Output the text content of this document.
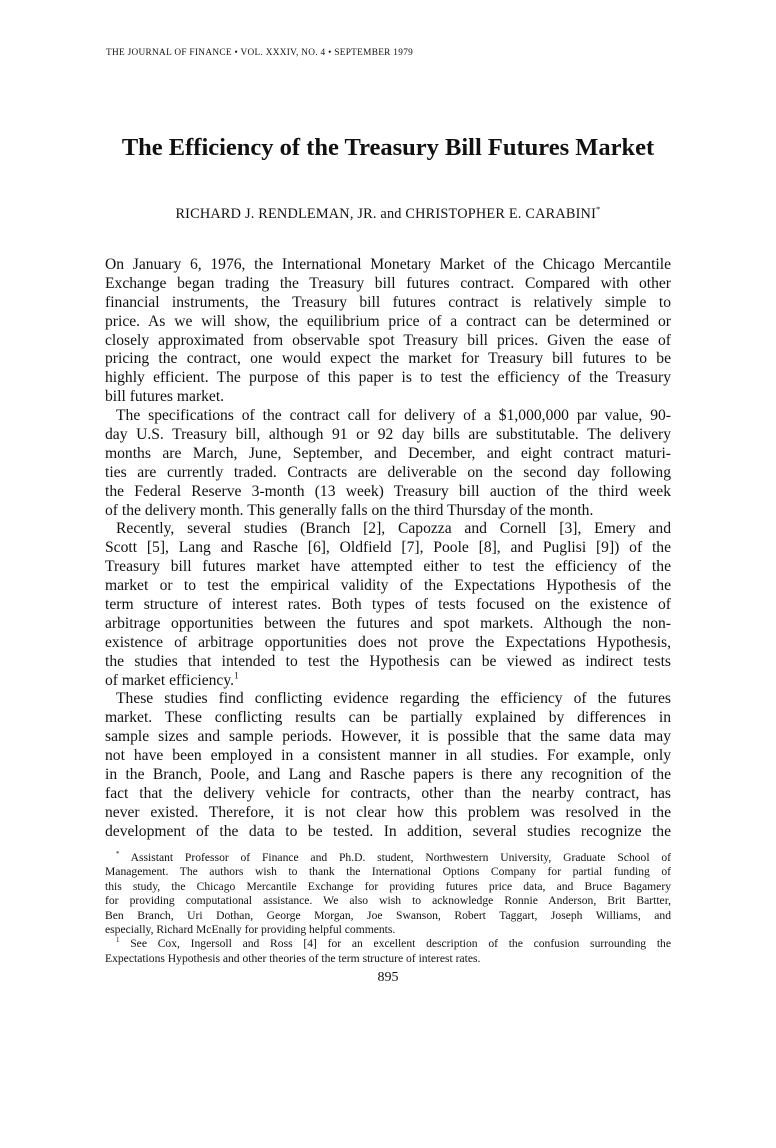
THE JOURNAL OF FINANCE • VOL. XXXIV, NO. 4 • SEPTEMBER 1979
The Efficiency of the Treasury Bill Futures Market
RICHARD J. RENDLEMAN, JR. and CHRISTOPHER E. CARABINI*
On January 6, 1976, the International Monetary Market of the Chicago Mercantile
Exchange began trading the Treasury bill futures contract. Compared with other
financial instruments, the Treasury bill futures contract is relatively simple to
price. As we will show, the equilibrium price of a contract can be determined or
closely approximated from observable spot Treasury bill prices. Given the ease of
pricing the contract, one would expect the market for Treasury bill futures to be
highly efficient. The purpose of this paper is to test the efficiency of the Treasury
bill futures market.
The specifications of the contract call for delivery of a $1,000,000 par value, 90-
day U.S. Treasury bill, although 91 or 92 day bills are substitutable. The delivery
months are March, June, September, and December, and eight contract maturi-
ties are currently traded. Contracts are deliverable on the second day following
the Federal Reserve 3-month (13 week) Treasury bill auction of the third week
of the delivery month. This generally falls on the third Thursday of the month.
Recently, several studies (Branch [2], Capozza and Cornell [3], Emery and
Scott [5], Lang and Rasche [6], Oldfield [7], Poole [8], and Puglisi [9]) of the
Treasury bill futures market have attempted either to test the efficiency of the
market or to test the empirical validity of the Expectations Hypothesis of the
term structure of interest rates. Both types of tests focused on the existence of
arbitrage opportunities between the futures and spot markets. Although the non-
existence of arbitrage opportunities does not prove the Expectations Hypothesis,
the studies that intended to test the Hypothesis can be viewed as indirect tests
of market efficiency.$^1$
These studies find conflicting evidence regarding the efficiency of the futures
market. These conflicting results can be partially explained by differences in
sample sizes and sample periods. However, it is possible that the same data may
not have been employed in a consistent manner in all studies. For example, only
in the Branch, Poole, and Lang and Rasche papers is there any recognition of the
fact that the delivery vehicle for contracts, other than the nearby contract, has
never existed. Therefore, it is not clear how this problem was resolved in the
development of the data to be tested. In addition, several studies recognize the
* Assistant Professor of Finance and Ph.D. student, Northwestern University, Graduate School of
Management. The authors wish to thank the International Options Company for partial funding of
this study, the Chicago Mercantile Exchange for providing futures price data, and Bruce Bagamery
for providing computational assistance. We also wish to acknowledge Ronnie Anderson, Brit Bartter,
Ben Branch, Uri Dothan, George Morgan, Joe Swanson, Robert Taggart, Joseph Williams, and
especially, Richard McEnally for providing helpful comments.
$^1$ See Cox, Ingersoll and Ross [4] for an excellent description of the confusion surrounding the
Expectations Hypothesis and other theories of the term structure of interest rates.
895
